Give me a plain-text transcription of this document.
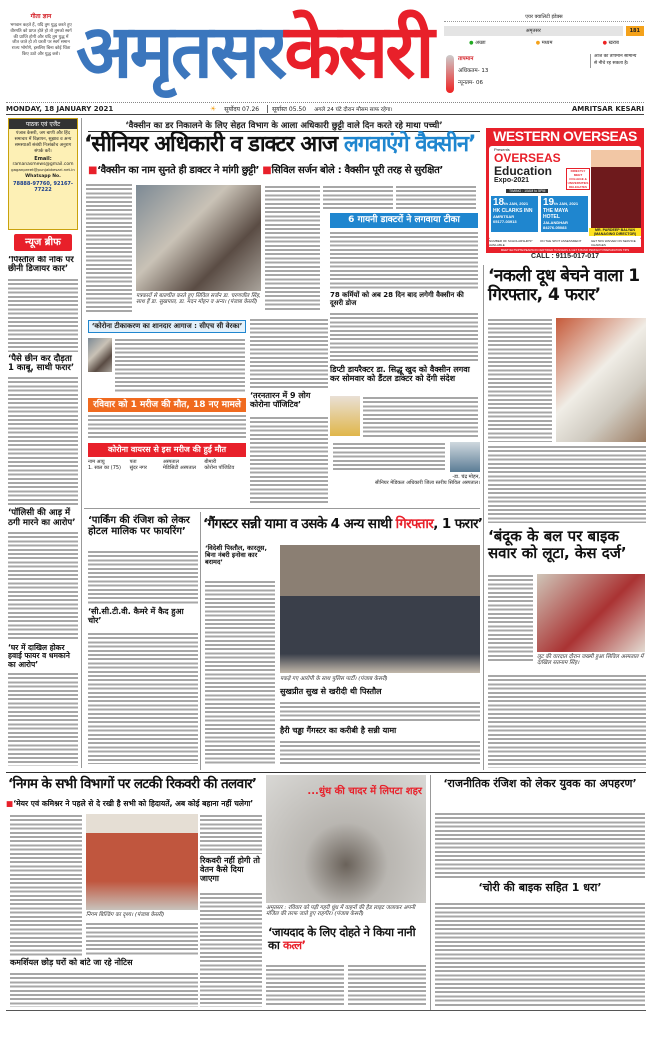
गीता ज्ञान
भगवान कहते हैं, यदि तुम युद्ध करते हुए वीरगति को प्राप्त होते हो तो तुमको स्वर्ग की प्राप्ति होगी और यदि तुम युद्ध में जीत जाते हो तो धरती पर स्वर्ग समान राज्य भोगोगे, इसलिए बिना कोई चिंता किए उठो और युद्ध करो। अमृतसरकेसरी	एयर क्वालिटी इंडेक्स
अमृतसर	181
● अच्छा	● मध्यम	● खराब
तापमान
अधिकतम- 13
न्यूनतम- 06
आज का तापमान सामान्य से नीचे रह सकता है।
MONDAY, 18 JANUARY 2021	☀ सूर्योदय 07.26	सूर्यास्त 05.50 अगले 24 घंटे दौरान मौसम साफ रहेगा।	AMRITSAR KESARI
पाठक एवं एजैंट
पंजाब केसरी, जग बाणी और हिंद समाचार में विज्ञापन, सुझाव व अन्य समस्याओं संबंधी निःसंकोच अनुराग संपर्क करें।
Email:
ramanasmews@gmail.com
gaganpreet@punjabkesari.net.in
Whatsapp No.
78888-97760, 92167-77222
न्यूज ब्रीफ
‘पिस्तौल की नोक पर छीनी डिजायर कार’
‘पैसे छीन कर दौड़ता 1 काबू, साथी फरार’
‘पॉलिसी की आड़ में ठगी मारने का आरोप’
‘घर में दाखिल होकर हवाई फायर व धमकाने का आरोप’
‘वैक्सीन का डर निकालने के लिए सेहत विभाग के आला अधिकारी छुट्टी वाले दिन करते रहे माथा पच्ची’
‘सीनियर अधिकारी व डाक्टर आज लगवाएंगे वैक्सीन’
■‘वैक्सीन का नाम सुनते ही डाक्टर ने मांगी छुट्टी’ ■सिविल सर्जन बोले : वैक्सीन पूरी तरह से सुरक्षित’
पत्रकारों से बातचीत करते हुए सिविल सर्जन डा. चरणजीत सिंह, साथ हैं डा. सुखपाल, डा. मदन मोहन व अन्य। (पंजाब केसरी)
6 गायनी डाक्टरों ने लगवाया टीका
‘कोरोना टीकाकरण का शानदार आगाज : सीएच सी वेरका’
78 कर्मियों को अब 28 दिन बाद लगेगी वैक्सीन की दूसरी डोज
डिप्टी डायरैक्टर डा. सिद्धू खुद को वैक्सीन लगवा कर सोमवार को डैंटल डाक्टर को देंगी संदेश
रविवार को 1 मरीज की मौत, 18 नए मामले
‘तरनतारन में 9 लोग कोरोना पॉजिटिव’
कोरोना वायरस से इस मरीज की हुई मौत
नाम आयु	पता	अस्पताल	बीमारी
1. साल का (75)	सुंदर नगर	मेडिसिटी अस्पताल	कोरोना पॉजिटिव
-डा. चंद्र मोहन,
सीनियर मेडिकल अधिकारी जिला स्तरीय सिविल अस्पताल।
WESTERN OVERSEAS
Presents
OVERSEAS
Education
Expo-2021
DIRECTLY MEET COLLEGE & UNIVERSITIES DELEGATES
TIMING : 10AM to 5PM
18th JAN, 2021
HK CLARKS INN
AMRITSAR
05177-03913
19th JAN, 2021
THE MAYA HOTEL
JALANDHAR
84276-05083	MR. PARDEEP BALYAN
(MANAGING DIRECTOR)
NUMBER OF SCHOLARSHIPS* AVAILABLE
ON THE SPOT ASSESSMENT	GET 50% WAIVER ON SERVICE CHARGES
MEET IELTS/PTE/PEARSON CERTIFIED TRAINERS & GET 8 BAND PERFECT PREPARATION TIPS
CALL : 9115-017-017
‘नकली दूध बेचने वाला 1 गिरफ्तार, 4 फरार’
‘बंदूक के बल पर बाइक सवार को लूटा, केस दर्ज’
लूट की वारदात दौरान जख्मी हुआ सिविल अस्पताल में दाखिल सतनाम सिंह।
‘पार्किंग की रंजिश को लेकर होटल मालिक पर फायरिंग’
‘सी.सी.टी.वी. कैमरे में कैद हुआ चोर’
‘गैंगस्टर सन्नी यामा व उसके 4 अन्य साथी गिरफ्तार, 1 फरार’
‘विदेशी पिस्तौल, कारतूस, बिना नंबरी इनोवा कार बरामद’
पकड़े गए आरोपी के साथ पुलिस पार्टी। (पंजाब केसरी)
सुखप्रीत सुख से खरीदी थी पिस्तौल
हैरी चड्ढा गैंगस्टर का करीबी है सन्नी यामा
‘निगम के सभी विभागों पर लटकी रिकवरी की तलवार’
■‘मेयर एवं कमिश्नर ने पहले से दे रखी है सभी को हिदायतें, अब कोई बहाना नहीं चलेगा’
निगम बिल्डिंग का दृश्य। (पंजाब केसरी)
रिकवरी नहीं होगी तो वेतन कैसे दिया जाएगा
कमर्शियल छोड़ घरों को बांटे जा रहे नोटिस
...धुंध की चादर में लिपटा शहर
अमृतसर : रविवार को पड़ी गहरी धुंध में वाहनों की हैड लाइट जलाकर अपनी मंजिल की तरफ जाते हुए राहगीर। (पंजाब केसरी)
‘जायदाद के लिए दोहते ने किया नानी का कत्ल’
‘राजनीतिक रंजिश को लेकर युवक का अपहरण’
‘चोरी की बाइक सहित 1 धरा’
